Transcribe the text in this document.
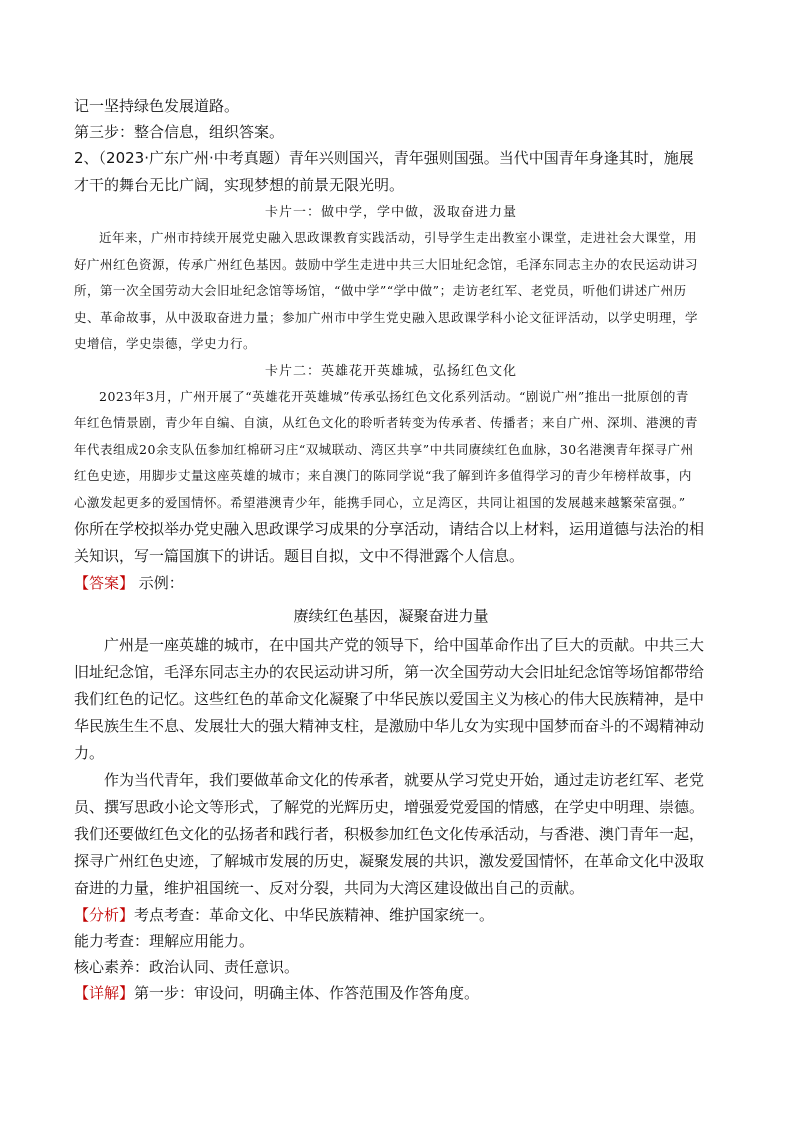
记一坚持绿色发展道路。

第三步：整合信息，组织答案。

2、（2023·广东广州·中考真题）青年兴则国兴，青年强则国强。当代中国青年身逢其时，施展才干的舞台无比广阔，实现梦想的前景无限光明。

卡片一：做中学，学中做，汲取奋进力量

近年来，广州市持续开展党史融入思政课教育实践活动，引导学生走出教室小课堂，走进社会大课堂，用好广州红色资源，传承广州红色基因。鼓励中学生走进中共三大旧址纪念馆，毛泽东同志主办的农民运动讲习所，第一次全国劳动大会旧址纪念馆等场馆，“做中学”“学中做”；走访老红军、老党员，听他们讲述广州历史、革命故事，从中汲取奋进力量；参加广州市中学生党史融入思政课学科小论文征评活动，以学史明理，学史增信，学史崇德，学史力行。

卡片二：英雄花开英雄城，弘扬红色文化

2023年3月，广州开展了“英雄花开英雄城”传承弘扬红色文化系列活动。“剧说广州”推出一批原创的青年红色情景剧，青少年自编、自演，从红色文化的聆听者转变为传承者、传播者；来自广州、深圳、港澳的青年代表组成20余支队伍参加红棉研习庄“双城联动、湾区共享”中共同赓续红色血脉，30名港澳青年探寻广州红色史迹，用脚步丈量这座英雄的城市；来自澳门的陈同学说“我了解到许多值得学习的青少年榜样故事，内心激发起更多的爱国情怀。希望港澳青少年，能携手同心，立足湾区，共同让祖国的发展越来越繁荣富强。”

你所在学校拟举办党史融入思政课学习成果的分享活动，请结合以上材料，运用道德与法治的相关知识，写一篇国旗下的讲话。题目自拟，文中不得泄露个人信息。

【答案】 示例：

赓续红色基因，凝聚奋进力量

广州是一座英雄的城市，在中国共产党的领导下，给中国革命作出了巨大的贡献。中共三大旧址纪念馆，毛泽东同志主办的农民运动讲习所，第一次全国劳动大会旧址纪念馆等场馆都带给我们红色的记忆。这些红色的革命文化凝聚了中华民族以爱国主义为核心的伟大民族精神，是中华民族生生不息、发展壮大的强大精神支柱，是激励中华儿女为实现中国梦而奋斗的不竭精神动力。

作为当代青年，我们要做革命文化的传承者，就要从学习党史开始，通过走访老红军、老党员、撰写思政小论文等形式，了解党的光辉历史，增强爱党爱国的情感，在学史中明理、崇德。我们还要做红色文化的弘扬者和践行者，积极参加红色文化传承活动，与香港、澳门青年一起，探寻广州红色史迹，了解城市发展的历史，凝聚发展的共识，激发爱国情怀，在革命文化中汲取奋进的力量，维护祖国统一、反对分裂，共同为大湾区建设做出自己的贡献。

【分析】考点考查：革命文化、中华民族精神、维护国家统一。

能力考查：理解应用能力。

核心素养：政治认同、责任意识。

【详解】第一步：审设问，明确主体、作答范围及作答角度。
